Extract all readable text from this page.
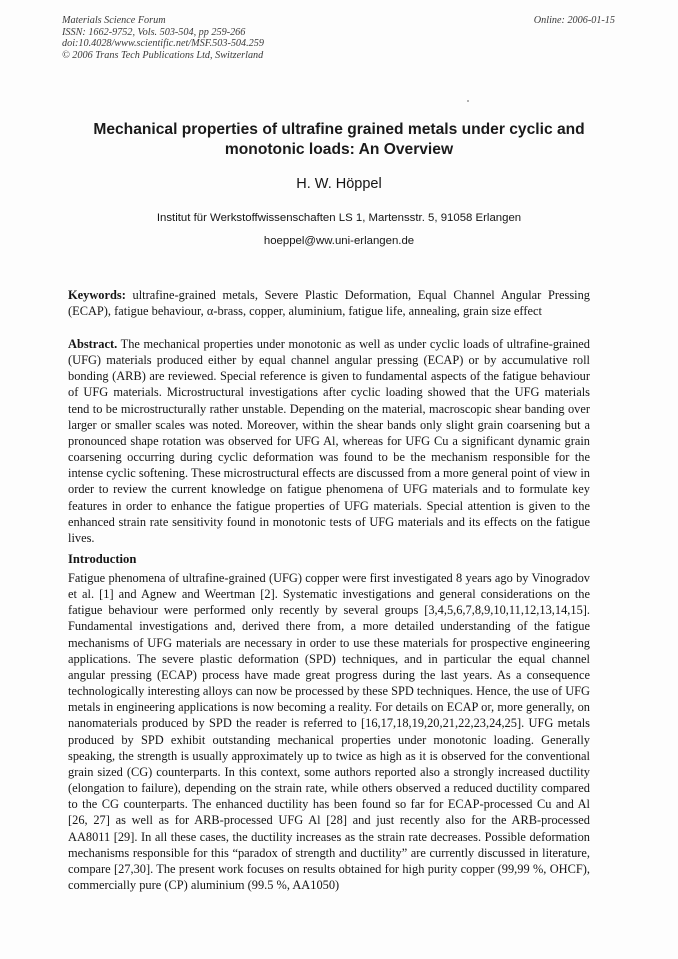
Materials Science Forum
ISSN: 1662-9752, Vols. 503-504, pp 259-266
doi:10.4028/www.scientific.net/MSF.503-504.259
© 2006 Trans Tech Publications Ltd, Switzerland
Online: 2006-01-15
Mechanical properties of ultrafine grained metals under cyclic and monotonic loads: An Overview
H. W. Höppel
Institut für Werkstoffwissenschaften LS 1, Martensstr. 5, 91058 Erlangen
hoeppel@ww.uni-erlangen.de
Keywords: ultrafine-grained metals, Severe Plastic Deformation, Equal Channel Angular Pressing (ECAP), fatigue behaviour, α-brass, copper, aluminium, fatigue life, annealing, grain size effect
Abstract. The mechanical properties under monotonic as well as under cyclic loads of ultrafine-grained (UFG) materials produced either by equal channel angular pressing (ECAP) or by accumulative roll bonding (ARB) are reviewed. Special reference is given to fundamental aspects of the fatigue behaviour of UFG materials. Microstructural investigations after cyclic loading showed that the UFG materials tend to be microstructurally rather unstable. Depending on the material, macroscopic shear banding over larger or smaller scales was noted. Moreover, within the shear bands only slight grain coarsening but a pronounced shape rotation was observed for UFG Al, whereas for UFG Cu a significant dynamic grain coarsening occurring during cyclic deformation was found to be the mechanism responsible for the intense cyclic softening. These microstructural effects are discussed from a more general point of view in order to review the current knowledge on fatigue phenomena of UFG materials and to formulate key features in order to enhance the fatigue properties of UFG materials. Special attention is given to the enhanced strain rate sensitivity found in monotonic tests of UFG materials and its effects on the fatigue lives.
Introduction
Fatigue phenomena of ultrafine-grained (UFG) copper were first investigated 8 years ago by Vinogradov et al. [1] and Agnew and Weertman [2]. Systematic investigations and general considerations on the fatigue behaviour were performed only recently by several groups [3,4,5,6,7,8,9,10,11,12,13,14,15]. Fundamental investigations and, derived there from, a more detailed understanding of the fatigue mechanisms of UFG materials are necessary in order to use these materials for prospective engineering applications. The severe plastic deformation (SPD) techniques, and in particular the equal channel angular pressing (ECAP) process have made great progress during the last years. As a consequence technologically interesting alloys can now be processed by these SPD techniques. Hence, the use of UFG metals in engineering applications is now becoming a reality. For details on ECAP or, more generally, on nanomaterials produced by SPD the reader is referred to [16,17,18,19,20,21,22,23,24,25]. UFG metals produced by SPD exhibit outstanding mechanical properties under monotonic loading. Generally speaking, the strength is usually approximately up to twice as high as it is observed for the conventional grain sized (CG) counterparts. In this context, some authors reported also a strongly increased ductility (elongation to failure), depending on the strain rate, while others observed a reduced ductility compared to the CG counterparts. The enhanced ductility has been found so far for ECAP-processed Cu and Al [26, 27] as well as for ARB-processed UFG Al [28] and just recently also for the ARB-processed AA8011 [29]. In all these cases, the ductility increases as the strain rate decreases. Possible deformation mechanisms responsible for this “paradox of strength and ductility” are currently discussed in literature, compare [27,30]. The present work focuses on results obtained for high purity copper (99,99 %, OHCF), commercially pure (CP) aluminium (99.5 %, AA1050)
